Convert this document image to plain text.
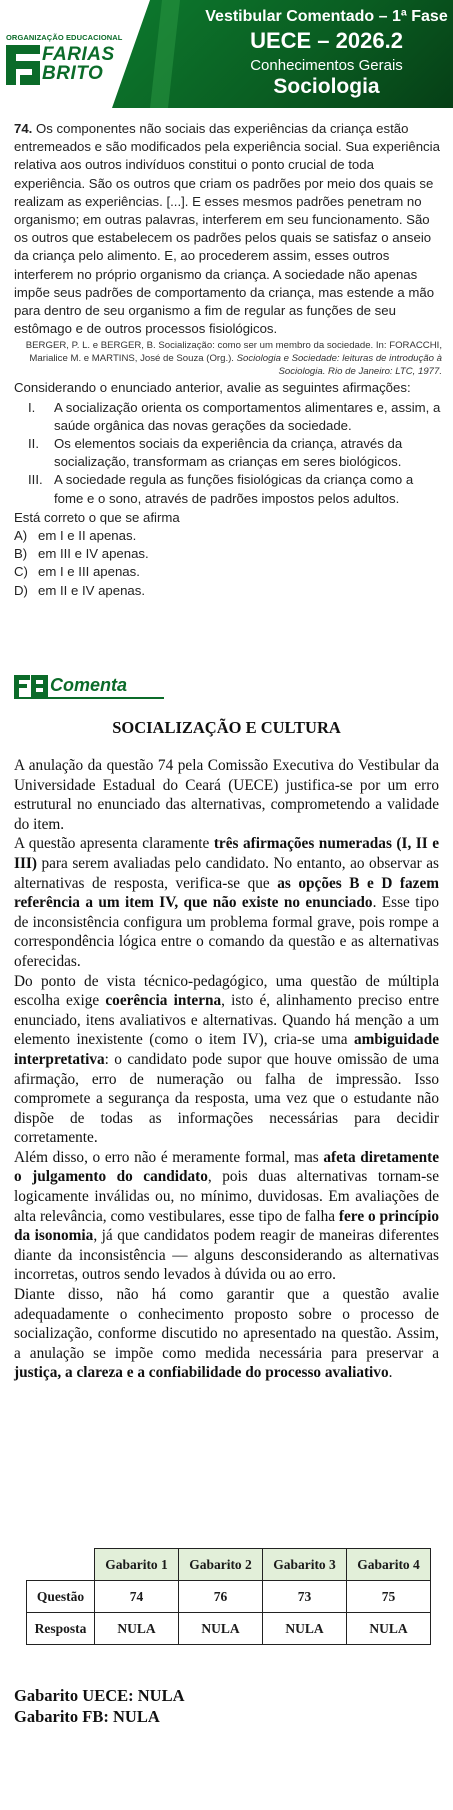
ORGANIZAÇÃO EDUCACIONAL
FARIAS
BRITO
Vestibular Comentado – 1ª Fase
UECE – 2026.2
Conhecimentos Gerais
Sociologia
74. Os componentes não sociais das experiências da criança estão entremeados e são modificados pela experiência social. Sua experiência relativa aos outros indivíduos constitui o ponto crucial de toda experiência. São os outros que criam os padrões por meio dos quais se realizam as experiências. [...]. E esses mesmos padrões penetram no organismo; em outras palavras, interferem em seu funcionamento. São os outros que estabelecem os padrões pelos quais se satisfaz o anseio da criança pelo alimento. E, ao procederem assim, esses outros interferem no próprio organismo da criança. A sociedade não apenas impõe seus padrões de comportamento da criança, mas estende a mão para dentro de seu organismo a fim de regular as funções de seu estômago e de outros processos fisiológicos.
BERGER, P. L. e BERGER, B. Socialização: como ser um membro da sociedade. In: FORACCHI, Marialice M. e MARTINS, José de Souza (Org.). Sociologia e Sociedade: leituras de introdução à Sociologia. Rio de Janeiro: LTC, 1977.
Considerando o enunciado anterior, avalie as seguintes afirmações:
I.	A socialização orienta os comportamentos alimentares e, assim, a saúde orgânica das novas gerações da sociedade.
II.	Os elementos sociais da experiência da criança, através da socialização, transformam as crianças em seres biológicos.
III. A sociedade regula as funções fisiológicas da criança como a fome e o sono, através de padrões impostos pelos adultos.
Está correto o que se afirma
A) em I e II apenas.
B) em III e IV apenas.
C) em I e III apenas.
D) em II e IV apenas.
Comenta
SOCIALIZAÇÃO E CULTURA

A anulação da questão 74 pela Comissão Executiva do Vestibular da Universidade Estadual do Ceará (UECE) justifica-se por um erro estrutural no enunciado das alternativas, comprometendo a validade do item.

A questão apresenta claramente três afirmações numeradas (I, II e III) para serem avaliadas pelo candidato. No entanto, ao observar as alternativas de resposta, verifica-se que as opções B e D fazem referência a um item IV, que não existe no enunciado. Esse tipo de inconsistência configura um problema formal grave, pois rompe a correspondência lógica entre o comando da questão e as alternativas oferecidas.

Do ponto de vista técnico-pedagógico, uma questão de múltipla escolha exige coerência interna, isto é, alinhamento preciso entre enunciado, itens avaliativos e alternativas. Quando há menção a um elemento inexistente (como o item IV), cria-se uma ambiguidade interpretativa: o candidato pode supor que houve omissão de uma afirmação, erro de numeração ou falha de impressão. Isso compromete a segurança da resposta, uma vez que o estudante não dispõe de todas as informações necessárias para decidir corretamente.

Além disso, o erro não é meramente formal, mas afeta diretamente o julgamento do candidato, pois duas alternativas tornam-se logicamente inválidas ou, no mínimo, duvidosas. Em avaliações de alta relevância, como vestibulares, esse tipo de falha fere o princípio da isonomia, já que candidatos podem reagir de maneiras diferentes diante da inconsistência — alguns desconsiderando as alternativas incorretas, outros sendo levados à dúvida ou ao erro.

Diante disso, não há como garantir que a questão avalie adequadamente o conhecimento proposto sobre o processo de socialização, conforme discutido no apresentado na questão. Assim, a anulação se impõe como medida necessária para preservar a justiça, a clareza e a confiabilidade do processo avaliativo.

	Gabarito 1	Gabarito 2	Gabarito 3	Gabarito 4
Questão	74	76	73	75
Resposta	NULA	NULA	NULA	NULA
Gabarito UECE: NULA
Gabarito FB: NULA
